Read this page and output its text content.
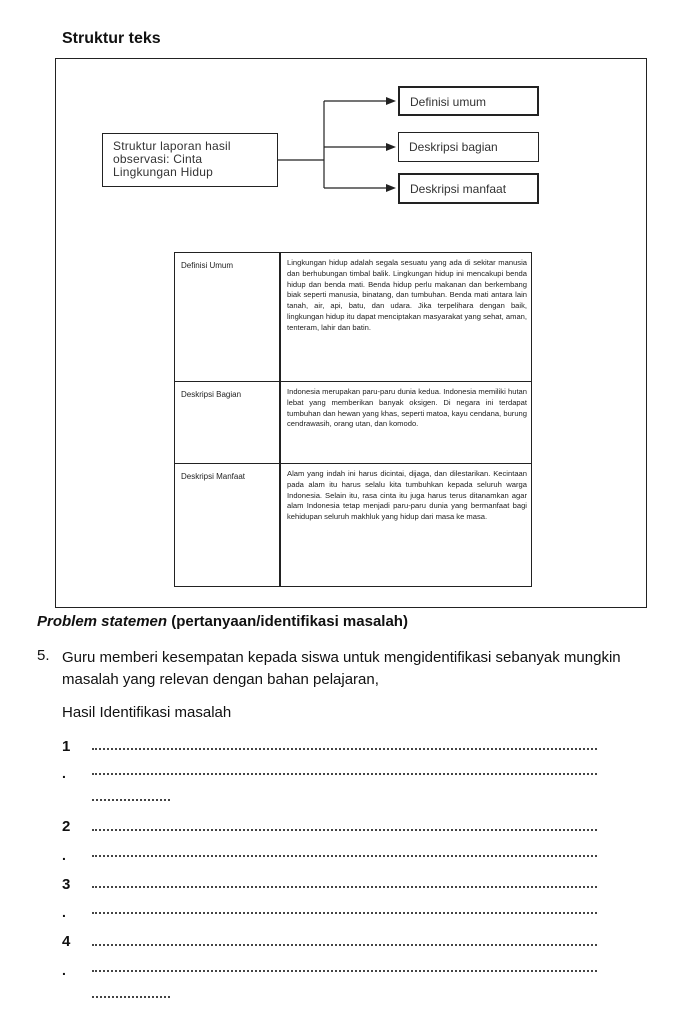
Struktur teks
Struktur laporan hasil observasi: Cinta Lingkungan Hidup
Definisi umum
Deskripsi bagian
Deskripsi manfaat
Definisi Umum	Lingkungan hidup adalah segala sesuatu yang ada di sekitar manusia dan berhubungan timbal balik. Lingkungan hidup ini mencakupi benda hidup dan benda mati. Benda hidup perlu makanan dan berkembang biak seperti manusia, binatang, dan tumbuhan. Benda mati antara lain tanah, air, api, batu, dan udara. Jika terpelihara dengan baik, lingkungan hidup itu dapat menciptakan masyarakat yang sehat, aman, tenteram, lahir dan batin.
Deskripsi Bagian	Indonesia merupakan paru-paru dunia kedua. Indonesia memiliki hutan lebat yang memberikan banyak oksigen. Di negara ini terdapat tumbuhan dan hewan yang khas, seperti matoa, kayu cendana, burung cendrawasih, orang utan, dan komodo.
Deskripsi Manfaat	Alam yang indah ini harus dicintai, dijaga, dan dilestarikan. Kecintaan pada alam itu harus selalu kita tumbuhkan kepada seluruh warga Indonesia. Selain itu, rasa cinta itu juga harus terus ditanamkan agar alam Indonesia tetap menjadi paru-paru dunia yang bermanfaat bagi kehidupan seluruh makhluk yang hidup dari masa ke masa.
Problem statemen (pertanyaan/identifikasi masalah)
5. Guru memberi kesempatan kepada siswa untuk mengidentifikasi sebanyak mungkin masalah yang relevan dengan bahan pelajaran,
Hasil Identifikasi masalah
1
.
2
.
3
.
4
.
